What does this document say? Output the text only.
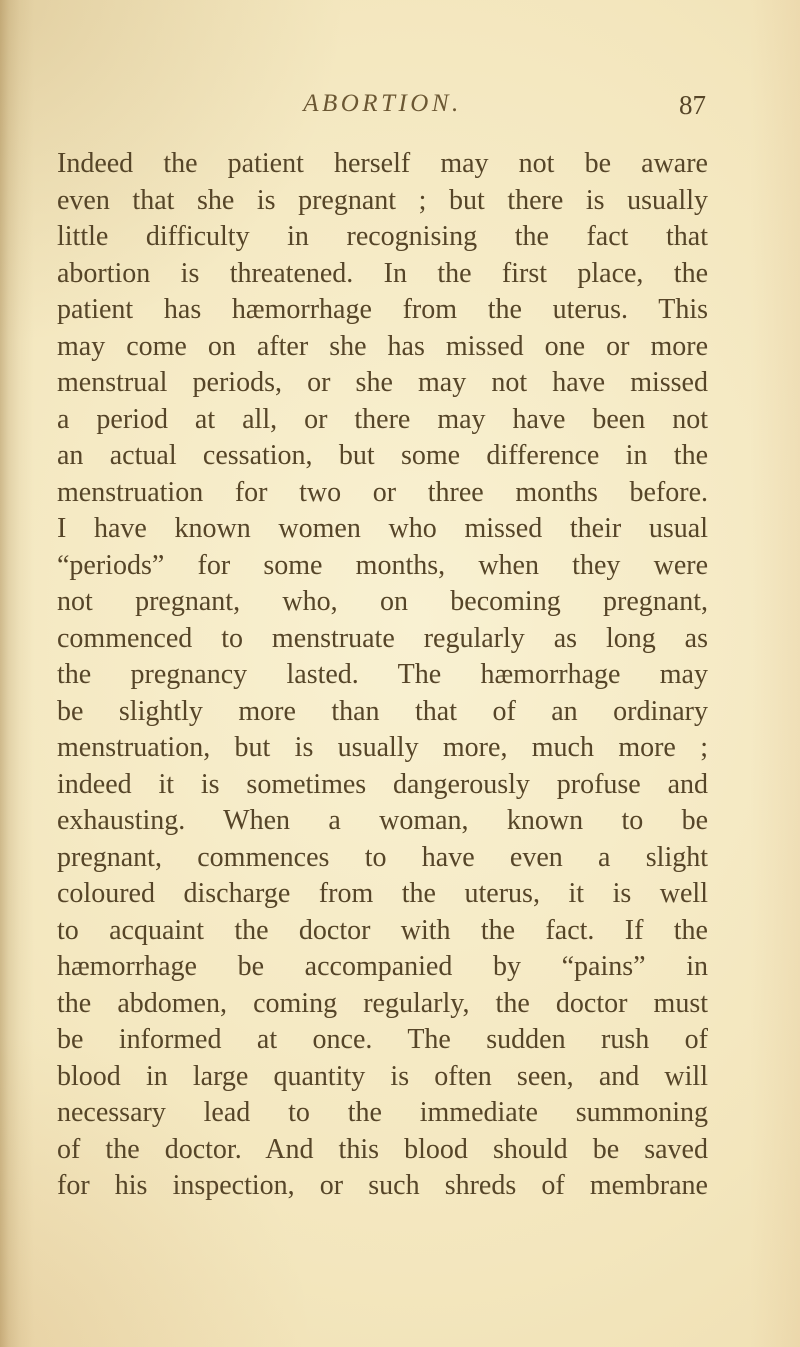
ABORTION.	87
Indeed the patient herself may not be aware
even that she is pregnant ; but there is usually
little difficulty in recognising the fact that
abortion is threatened. In the first place, the
patient has hæmorrhage from the uterus. This
may come on after she has missed one or more
menstrual periods, or she may not have missed
a period at all, or there may have been not
an actual cessation, but some difference in the
menstruation for two or three months before.
I have known women who missed their usual
“periods” for some months, when they were
not pregnant, who, on becoming pregnant,
commenced to menstruate regularly as long as
the pregnancy lasted. The hæmorrhage may
be slightly more than that of an ordinary
menstruation, but is usually more, much more ;
indeed it is sometimes dangerously profuse and
exhausting. When a woman, known to be
pregnant, commences to have even a slight
coloured discharge from the uterus, it is well
to acquaint the doctor with the fact. If the
hæmorrhage be accompanied by “pains” in
the abdomen, coming regularly, the doctor must
be informed at once. The sudden rush of
blood in large quantity is often seen, and will
necessary lead to the immediate summoning
of the doctor. And this blood should be saved
for his inspection, or such shreds of membrane
